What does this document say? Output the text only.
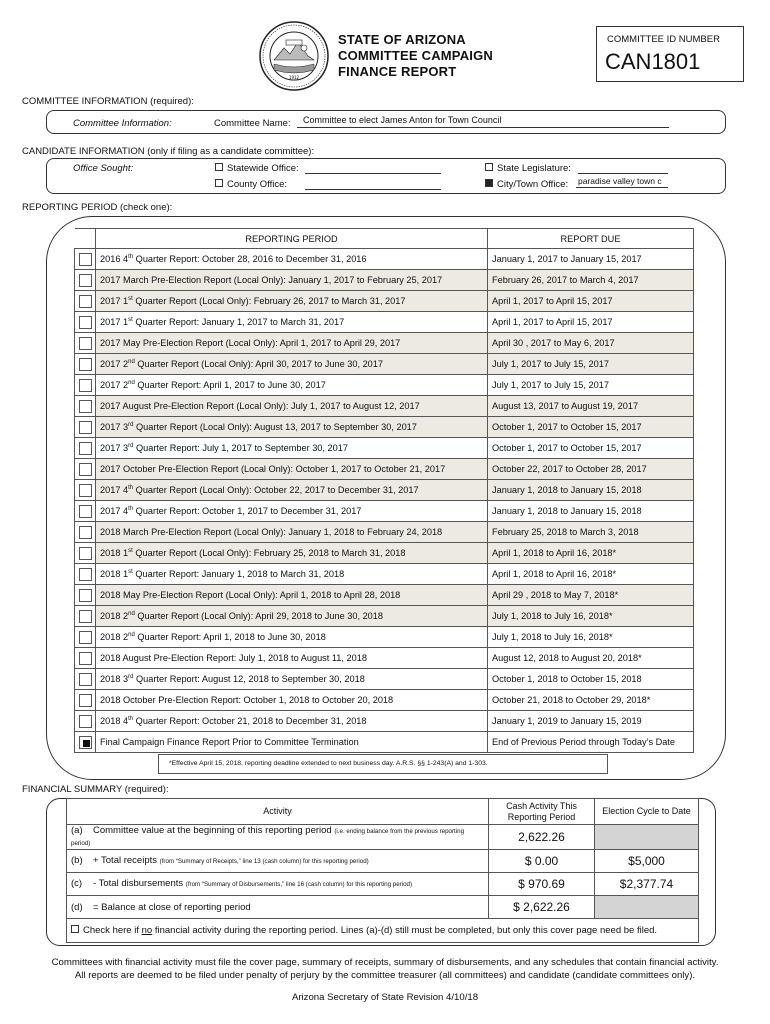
1912
STATE OF ARIZONA
COMMITTEE CAMPAIGN
FINANCE REPORT
COMMITTEE ID NUMBER
CAN1801
COMMITTEE INFORMATION (required):
Committee Information:	Committee Name: Committee to elect James Anton for Town Council
CANDIDATE INFORMATION (only if filing as a candidate committee):
Office Sought:	Statewide Office:
County Office:
State Legislature:
City/Town Office: paradise valley town c
REPORTING PERIOD (check one):
	REPORTING PERIOD	REPORT DUE
	2016 4th Quarter Report: October 28, 2016 to December 31, 2016	January 1, 2017 to January 15, 2017
	2017 March Pre-Election Report (Local Only): January 1, 2017 to February 25, 2017	February 26, 2017 to March 4, 2017
	2017 1st Quarter Report (Local Only): February 26, 2017 to March 31, 2017	April 1, 2017 to April 15, 2017
	2017 1st Quarter Report: January 1, 2017 to March 31, 2017	April 1, 2017 to April 15, 2017
	2017 May Pre-Election Report (Local Only): April 1, 2017 to April 29, 2017	April 30 , 2017 to May 6, 2017
	2017 2nd Quarter Report (Local Only): April 30, 2017 to June 30, 2017	July 1, 2017 to July 15, 2017
	2017 2nd Quarter Report: April 1, 2017 to June 30, 2017	July 1, 2017 to July 15, 2017
	2017 August Pre-Election Report (Local Only): July 1, 2017 to August 12, 2017	August 13, 2017 to August 19, 2017
	2017 3rd Quarter Report (Local Only): August 13, 2017 to September 30, 2017	October 1, 2017 to October 15, 2017
	2017 3rd Quarter Report: July 1, 2017 to September 30, 2017	October 1, 2017 to October 15, 2017
	2017 October Pre-Election Report (Local Only): October 1, 2017 to October 21, 2017	October 22, 2017 to October 28, 2017
	2017 4th Quarter Report (Local Only): October 22, 2017 to December 31, 2017	January 1, 2018 to January 15, 2018
	2017 4th Quarter Report: October 1, 2017 to December 31, 2017	January 1, 2018 to January 15, 2018
	2018 March Pre-Election Report (Local Only): January 1, 2018 to February 24, 2018	February 25, 2018 to March 3, 2018
	2018 1st Quarter Report (Local Only): February 25, 2018 to March 31, 2018	April 1, 2018 to April 16, 2018*
	2018 1st Quarter Report: January 1, 2018 to March 31, 2018	April 1, 2018 to April 16, 2018*
	2018 May Pre-Election Report (Local Only): April 1, 2018 to April 28, 2018	April 29 , 2018 to May 7, 2018*
	2018 2nd Quarter Report (Local Only): April 29, 2018 to June 30, 2018	July 1, 2018 to July 16, 2018*
	2018 2nd Quarter Report: April 1, 2018 to June 30, 2018	July 1, 2018 to July 16, 2018*
	2018 August Pre-Election Report: July 1, 2018 to August 11, 2018	August 12, 2018 to August 20, 2018*
	2018 3rd Quarter Report: August 12, 2018 to September 30, 2018	October 1, 2018 to October 15, 2018
	2018 October Pre-Election Report: October 1, 2018 to October 20, 2018	October 21, 2018 to October 29, 2018*
	2018 4th Quarter Report: October 21, 2018 to December 31, 2018	January 1, 2019 to January 15, 2019
	Final Campaign Finance Report Prior to Committee Termination	End of Previous Period through Today’s Date
*Effective April 15, 2018, reporting deadline extended to next business day. A.R.S. §§ 1-243(A) and 1-303.
FINANCIAL SUMMARY (required):
Activity	Cash Activity This Reporting Period	Election Cycle to Date
(a) Committee value at the beginning of this reporting period (i.e. ending balance from the previous reporting period)	2,622.26	
(b) + Total receipts (from “Summary of Receipts,” line 13 (cash column) for this reporting period)	$ 0.00	$5,000
(c) - Total disbursements (from “Summary of Disbursements,” line 16 (cash column) for this reporting period)	$ 970.69	$2,377.74
(d) = Balance at close of reporting period	$ 2,622.26	
Check here if no financial activity during the reporting period. Lines (a)-(d) still must be completed, but only this cover page need be filed.		
Committees with financial activity must file the cover page, summary of receipts, summary of disbursements, and any schedules that contain financial activity.
All reports are deemed to be filed under penalty of perjury by the committee treasurer (all committees) and candidate (candidate committees only).
Arizona Secretary of State Revision 4/10/18
